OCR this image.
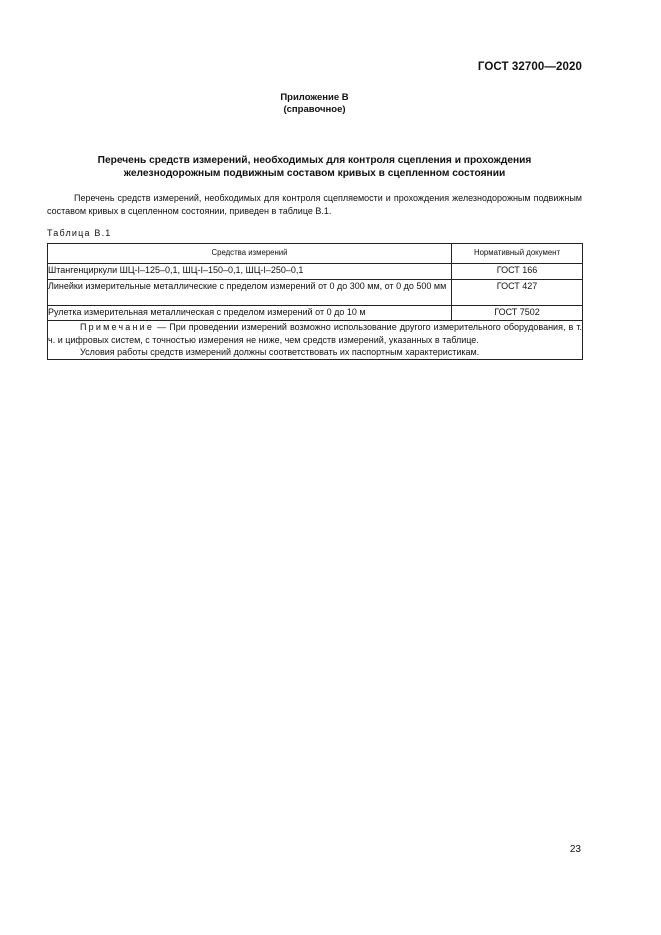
ГОСТ 32700—2020
Приложение В
(справочное)
Перечень средств измерений, необходимых для контроля сцепления и прохождения
железнодорожным подвижным составом кривых в сцепленном состоянии
Перечень средств измерений, необходимых для контроля сцепляемости и прохождения железнодорожным подвижным составом кривых в сцепленном состоянии, приведен в таблице В.1.
Таблица В.1
Средства измерений	Нормативный документ
Штангенциркули ШЦ-I–125–0,1, ШЦ-I–150–0,1, ШЦ-I–250–0,1	ГОСТ 166
Линейки измерительные металлические с пределом измерений от 0 до 300 мм, от 0 до 500 мм	ГОСТ 427
Рулетка измерительная металлическая с пределом измерений от 0 до 10 м	ГОСТ 7502

Примечание — При проведении измерений возможно использование другого измерительного оборудования, в т. ч. и цифровых систем, с точностью измерения не ниже, чем средств измерений, указанных в таблице.
Условия работы средств измерений должны соответствовать их паспортным характеристикам.	
23
